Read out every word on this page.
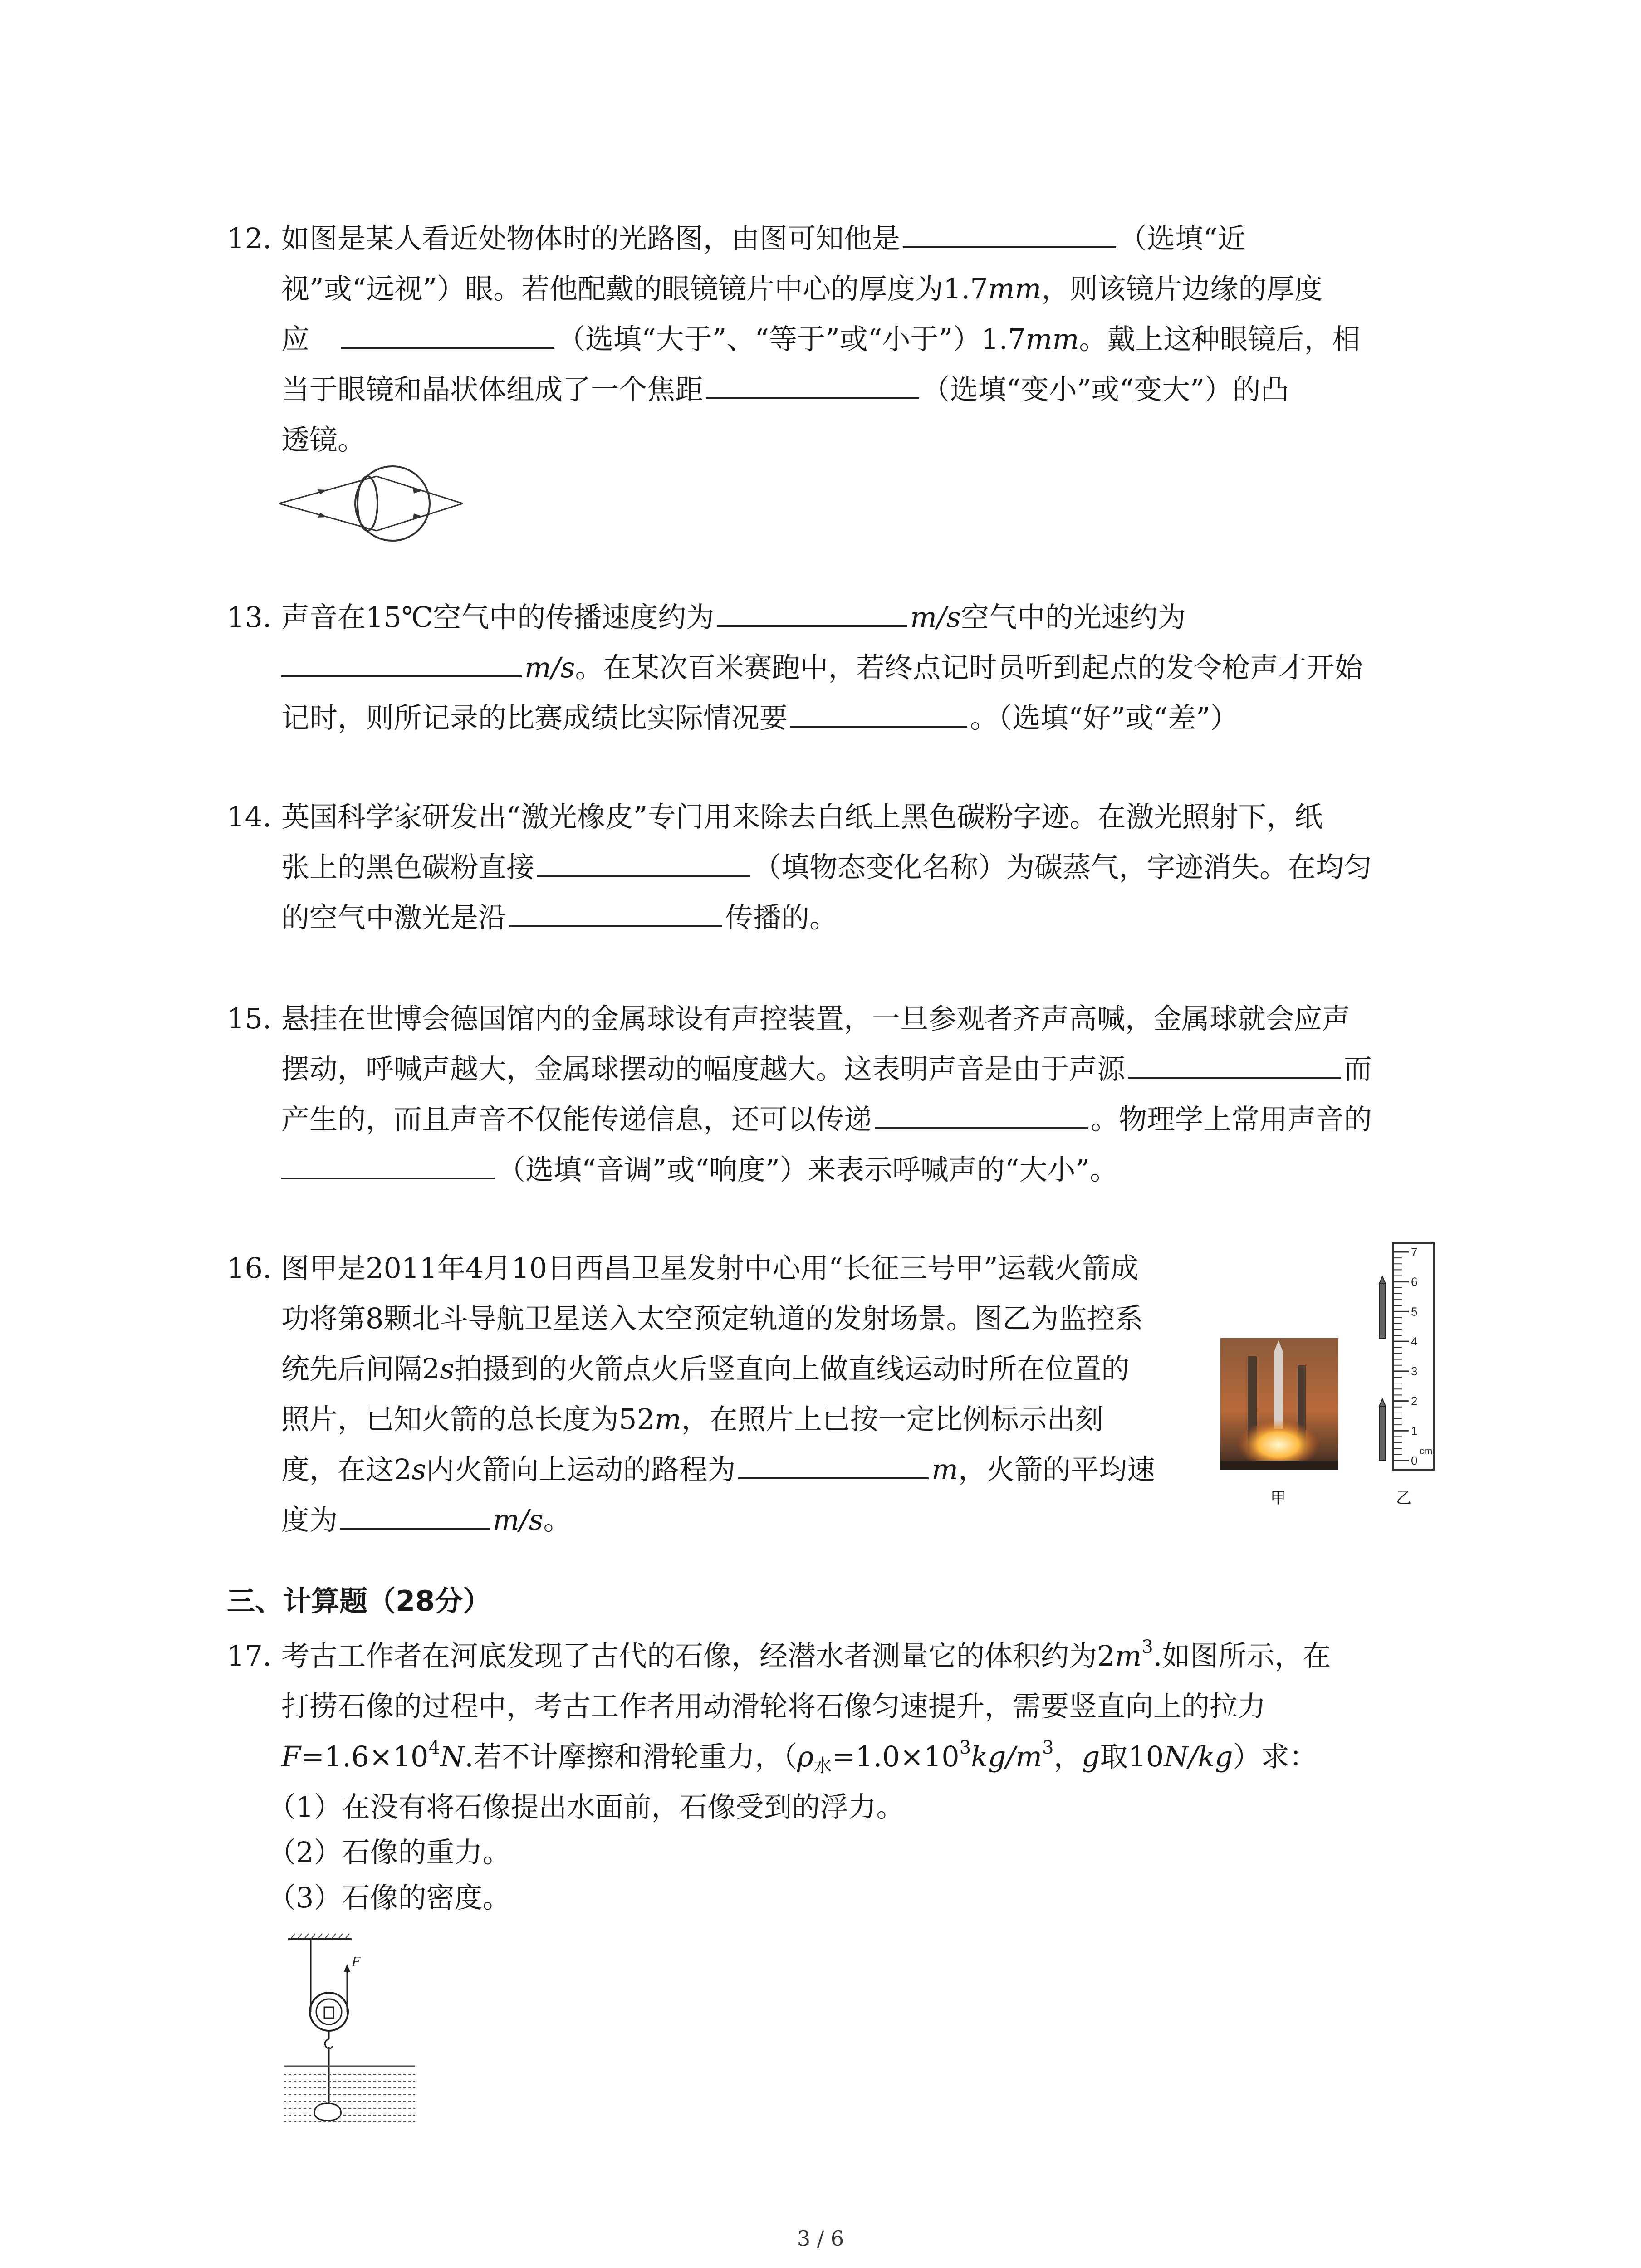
12. 如图是某人看近处物体时的光路图，由图可知他是	（选填“近
视”或“远视”）眼。若他配戴的眼镜镜片中心的厚度为1.7mm，则该镜片边缘的厚度
应	（选填“大于”、“等于”或“小于”）1.7mm。戴上这种眼镜后，相
当于眼镜和晶状体组成了一个焦距	（选填“变小”或“变大”）的凸
透镜。
13. 声音在15℃空气中的传播速度约为	m/s空气中的光速约为
m/s。在某次百米赛跑中，若终点记时员听到起点的发令枪声才开始
记时，则所记录的比赛成绩比实际情况要	。（选填“好”或“差”）
14. 英国科学家研发出“激光橡皮”专门用来除去白纸上黑色碳粉字迹。在激光照射下，纸
张上的黑色碳粉直接	（填物态变化名称）为碳蒸气，字迹消失。在均匀
的空气中激光是沿	传播的。
15. 悬挂在世博会德国馆内的金属球设有声控装置，一旦参观者齐声高喊，金属球就会应声
摆动，呼喊声越大，金属球摆动的幅度越大。这表明声音是由于声源	而
产生的，而且声音不仅能传递信息，还可以传递	。物理学上常用声音的
（选填“音调”或“响度”）来表示呼喊声的“大小”。
16. 图甲是2011年4月10日西昌卫星发射中心用“长征三号甲”运载火箭成
功将第8颗北斗导航卫星送入太空预定轨道的发射场景。图乙为监控系
统先后间隔2s拍摄到的火箭点火后竖直向上做直线运动时所在位置的
照片，已知火箭的总长度为52m，在照片上已按一定比例标示出刻
度，在这2s内火箭向上运动的路程为	m，火箭的平均速
度为	m/s。
甲
7
6
5
4
3
2
1
0
cm
乙
三、计算题（28分）
17. 考古工作者在河底发现了古代的石像，经潜水者测量它的体积约为$2m^3$.如图所示，在
打捞石像的过程中，考古工作者用动滑轮将石像匀速提升，需要竖直向上的拉力
$F=1.6\times 10^4N$.若不计摩擦和滑轮重力，（$\rho_水=1.0\times 10^3kg/m^3$，g取10N/kg）求：
（1）在没有将石像提出水面前，石像受到的浮力。
（2）石像的重力。
（3）石像的密度。
F
3 / 6
